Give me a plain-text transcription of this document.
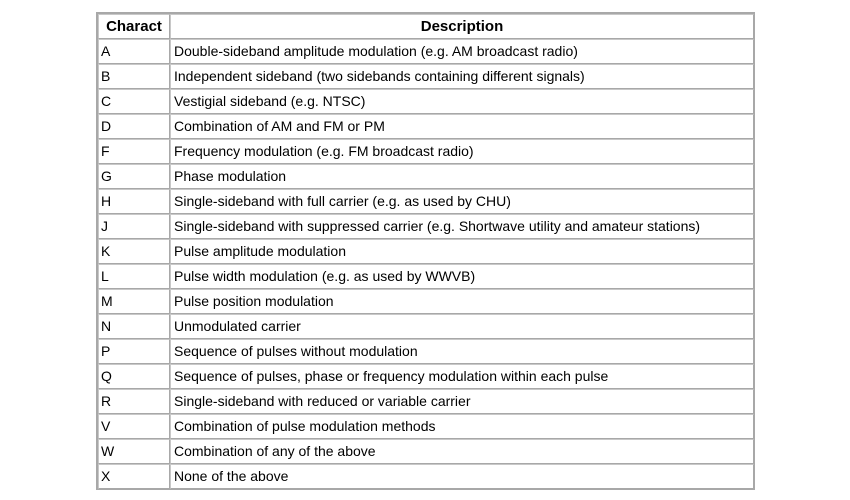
Charact	Description
A	Double-sideband amplitude modulation (e.g. AM broadcast radio)
B	Independent sideband (two sidebands containing different signals)
C	Vestigial sideband (e.g. NTSC)
D	Combination of AM and FM or PM
F	Frequency modulation (e.g. FM broadcast radio)
G	Phase modulation
H	Single-sideband with full carrier (e.g. as used by CHU)
J	Single-sideband with suppressed carrier (e.g. Shortwave utility and amateur stations)
K	Pulse amplitude modulation
L	Pulse width modulation (e.g. as used by WWVB)
M	Pulse position modulation
N	Unmodulated carrier
P	Sequence of pulses without modulation
Q	Sequence of pulses, phase or frequency modulation within each pulse
R	Single-sideband with reduced or variable carrier
V	Combination of pulse modulation methods
W	Combination of any of the above
X	None of the above
